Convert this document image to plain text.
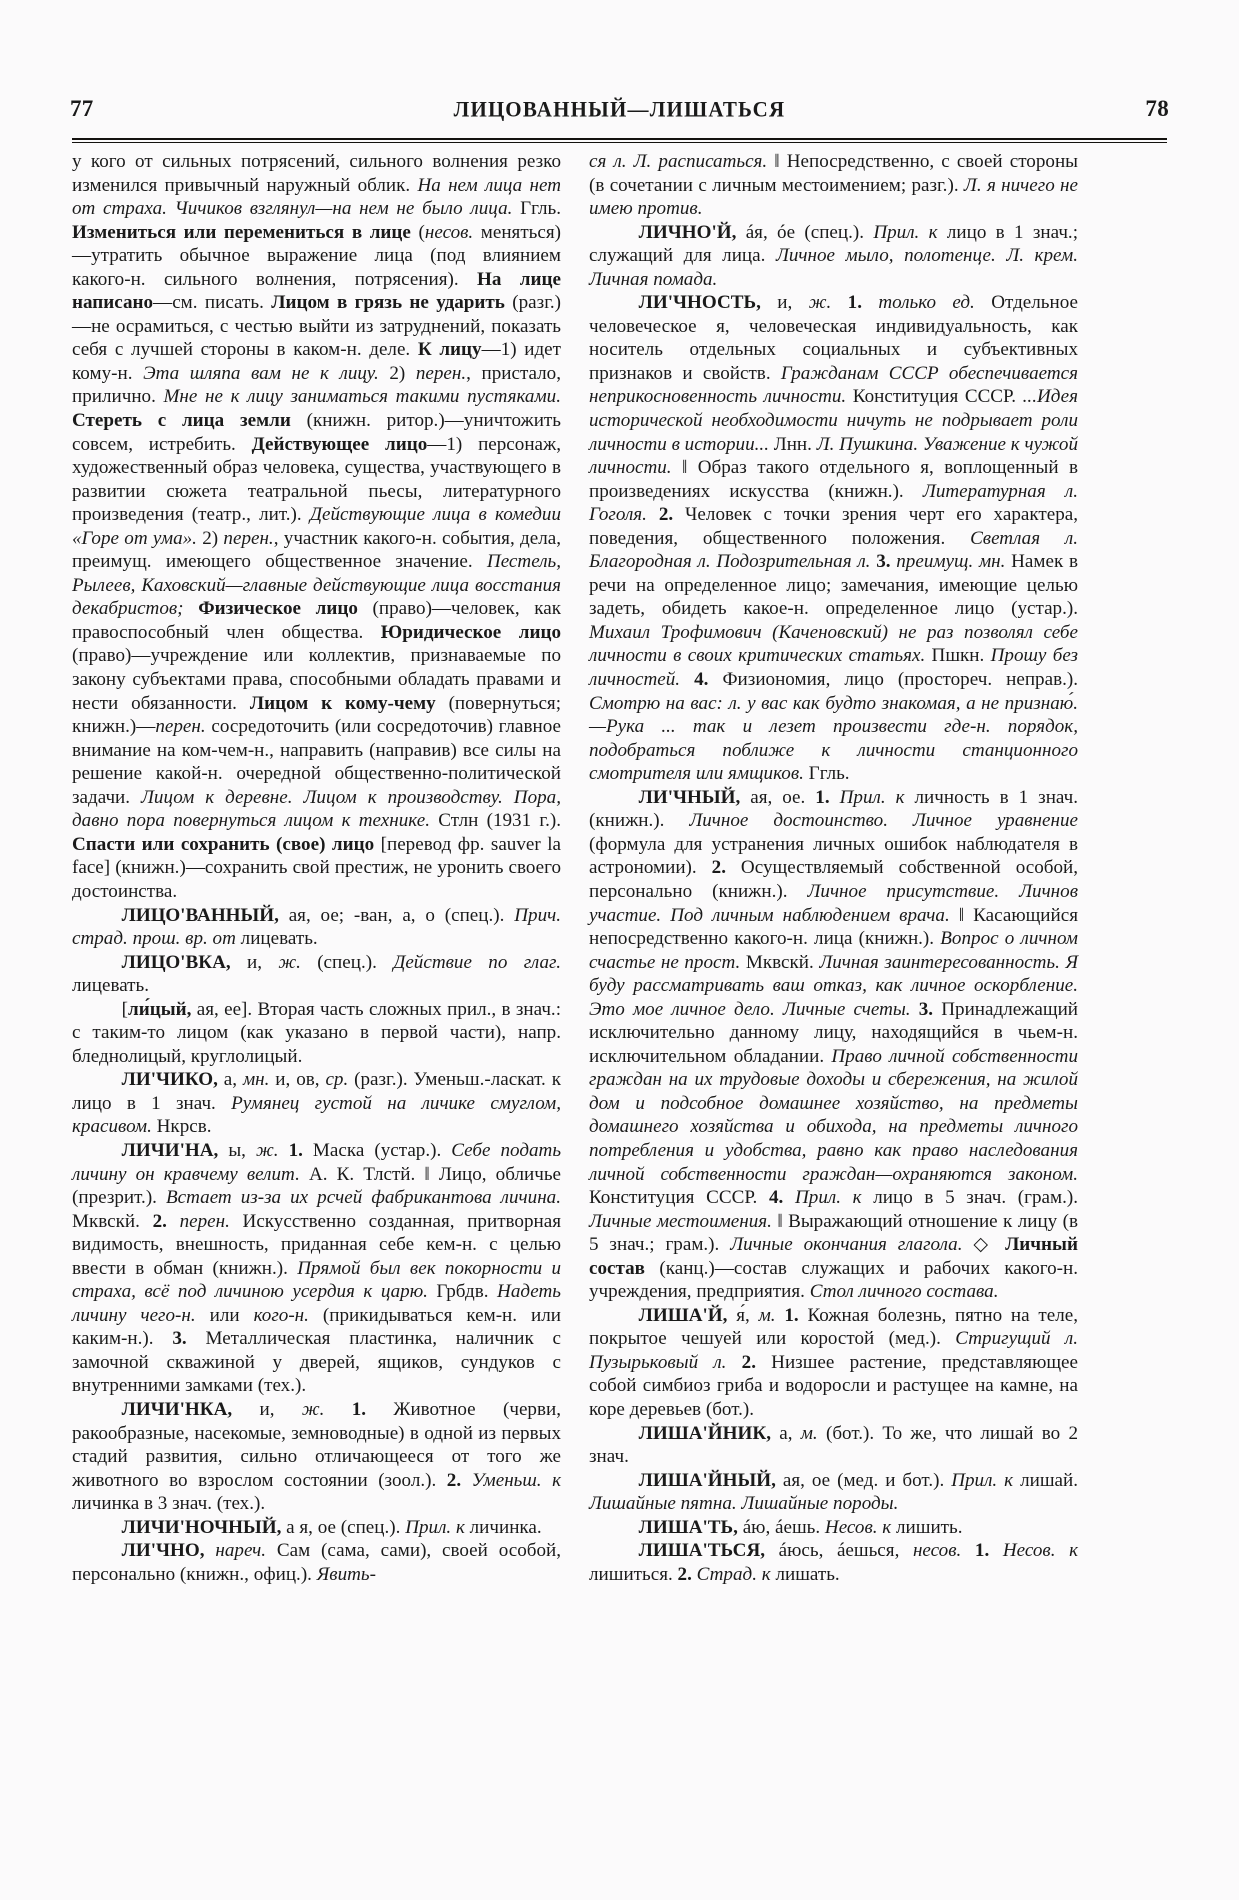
77	ЛИЦОВАННЫЙ—ЛИШАТЬСЯ	78

у кого от сильных потрясений, сильного волнения резко изменился привычный наружный облик. На нем лица нет от страха. Чичиков взглянул—на нем не было лица. Ггль. Измениться или перемениться в лице (несов. меняться)—утратить обычное выражение лица (под влиянием какого-н. сильного волнения, потрясения). На лице написано—см. писать. Лицом в грязь не ударить (разг.)—не осрамиться, с честью выйти из затруднений, показать себя с лучшей стороны в каком-н. деле. К лицу—1) идет кому-н. Эта шляпа вам не к лицу. 2) перен., пристало, прилично. Мне не к лицу заниматься такими пустяками. Стереть с лица земли (книжн. ритор.)—уничтожить совсем, истребить. Действующее лицо—1) персонаж, художественный образ человека, существа, участвующего в развитии сюжета театральной пьесы, литературного произведения (театр., лит.). Действующие лица в комедии «Горе от ума». 2) перен., участник какого-н. события, дела, преимущ. имеющего общественное значение. Пестель, Рылеев, Каховский—главные действующие лица восстания декабристов; Физическое лицо (право)—человек, как правоспособный член общества. Юридическое лицо (право)—учреждение или коллектив, признаваемые по закону субъектами права, способными обладать правами и нести обязанности. Лицом к кому-чему (повернуться; книжн.)—перен. сосредоточить (или сосредоточив) главное внимание на ком-чем-н., направить (направив) все силы на решение какой-н. очередной общественно-политической задачи. Лицом к деревне. Лицом к производству. Пора, давно пора повернуться лицом к технике. Стлн (1931 г.). Спасти или сохранить (свое) лицо [перевод фр. sauver la face] (книжн.)—сохранить свой престиж, не уронить своего достоинства.

ЛИЦО'ВАННЫЙ, ая, ое; -ван, а, о (спец.). Прич. страд. прош. вр. от лицевать.

ЛИЦО'ВКА, и, ж. (спец.). Действие по глаг. лицевать.

[ли́цый, ая, ее]. Вторая часть сложных прил., в знач.: с таким-то лицом (как указано в первой части), напр. бледнолицый, круглолицый.

ЛИ'ЧИКО, а, мн. и, ов, ср. (разг.). Уменьш.-ласкат. к лицо в 1 знач. Румянец густой на личике смуглом, красивом. Нкрсв.

ЛИЧИ'НА, ы, ж. 1. Маска (устар.). Себе подать личину он кравчему велит. А. К. Тлстй. ‖ Лицо, обличье (презрит.). Встает из-за их рcчей фабрикантова личина. Мквскй. 2. перен. Искусственно созданная, притворная видимость, внешность, приданная себе кем-н. с целью ввести в обман (книжн.). Прямой был век покорности и страха, всё под личиною усердия к царю. Грбдв. Надеть личину чего-н. или кого-н. (прикидываться кем-н. или каким-н.). 3. Металлическая пластинка, наличник с замочной скважиной у дверей, ящиков, сундуков с внутренними замками (тех.).

ЛИЧИ'НКА, и, ж. 1. Животное (черви, ракообразные, насекомые, земноводные) в одной из первых стадий развития, сильно отличающееся от того же животного во взрослом состоянии (зоол.). 2. Уменьш. к личинка в 3 знач. (тех.).

ЛИЧИ'НОЧНЫЙ, а я, ое (спец.). Прил. к личинка.

ЛИ'ЧНО, нареч. Сам (сама, сами), своей особой, персонально (книжн., офиц.). Явить-

ся л. Л. расписаться. ‖ Непосредственно, с своей стороны (в сочетании с личным местоимением; разг.). Л. я ничего не имею против.

ЛИЧНО'Й, áя, óе (спец.). Прил. к лицо в 1 знач.; служащий для лица. Личное мыло, полотенце. Л. крем. Личная помада.

ЛИ'ЧНОСТЬ, и, ж. 1. только ед. Отдельное человеческое я, человеческая индивидуальность, как носитель отдельных социальных и субъективных признаков и свойств. Гражданам СССР обеспечивается неприкосновенность личности. Конституция СССР. ...Идея исторической необходимости ничуть не подрывает роли личности в истории... Лнн. Л. Пушкина. Уважение к чужой личности. ‖ Образ такого отдельного я, воплощенный в произведениях искусства (книжн.). Литературная л. Гоголя. 2. Человек с точки зрения черт его характера, поведения, общественного положения. Светлая л. Благородная л. Подозрительная л. 3. преимущ. мн. Намек в речи на определенное лицо; замечания, имеющие целью задеть, обидеть какое-н. определенное лицо (устар.). Михаил Трофимович (Каченовский) не раз позволял себе личности в своих критических статьях. Пшкн. Прошу без личностей. 4. Физиономия, лицо (простореч. неправ.). Смотрю на вас: л. у вас как будто знакомая, а не признаю́.—Рука ... так и лезет произвести где-н. порядок, подобраться поближе к личности станционного смотрителя или ямщиков. Ггль.

ЛИ'ЧНЫЙ, ая, ое. 1. Прил. к личность в 1 знач. (книжн.). Личное достоинство. Личное уравнение (формула для устранения личных ошибок наблюдателя в астрономии). 2. Осуществляемый собственной особой, персонально (книжн.). Личное присутствие. Личнов участие. Под личным наблюдением врача. ‖ Касающийся непосредственно какого-н. лица (книжн.). Вопрос о личном счастье не прост. Мквскй. Личная заинтересованность. Я буду рассматривать ваш отказ, как личное оскорбление. Это мое личное дело. Личные счеты. 3. Принадлежащий исключительно данному лицу, находящийся в чьем-н. исключительном обладании. Право личной собственности граждан на их трудовые доходы и сбережения, на жилой дом и подсобное домашнее хозяйство, на предметы домашнего хозяйства и обихода, на предметы личного потребления и удобства, равно как право наследования личной собственности граждан—охраняются законом. Конституция СССР. 4. Прил. к лицо в 5 знач. (грам.). Личные местоимения. ‖ Выражающий отношение к лицу (в 5 знач.; грам.). Личные окончания глагола. ◇ Личный состав (канц.)—состав служащих и рабочих какого-н. учреждения, предприятия. Стол личного состава.

ЛИША'Й, я́, м. 1. Кожная болезнь, пятно на теле, покрытое чешуей или коростой (мед.). Стригущий л. Пузырьковый л. 2. Низшее растение, представляющее собой симбиоз гриба и водоросли и растущее на камне, на коре деревьев (бот.).

ЛИША'ЙНИК, а, м. (бот.). То же, что лишай во 2 знач.

ЛИША'ЙНЫЙ, ая, ое (мед. и бот.). Прил. к лишай. Лишайные пятна. Лишайные породы.

ЛИША'ТЬ, áю, áешь. Несов. к лишить.

ЛИША'ТЬСЯ, áюсь, áешься, несов. 1. Несов. к лишиться. 2. Страд. к лишать.
